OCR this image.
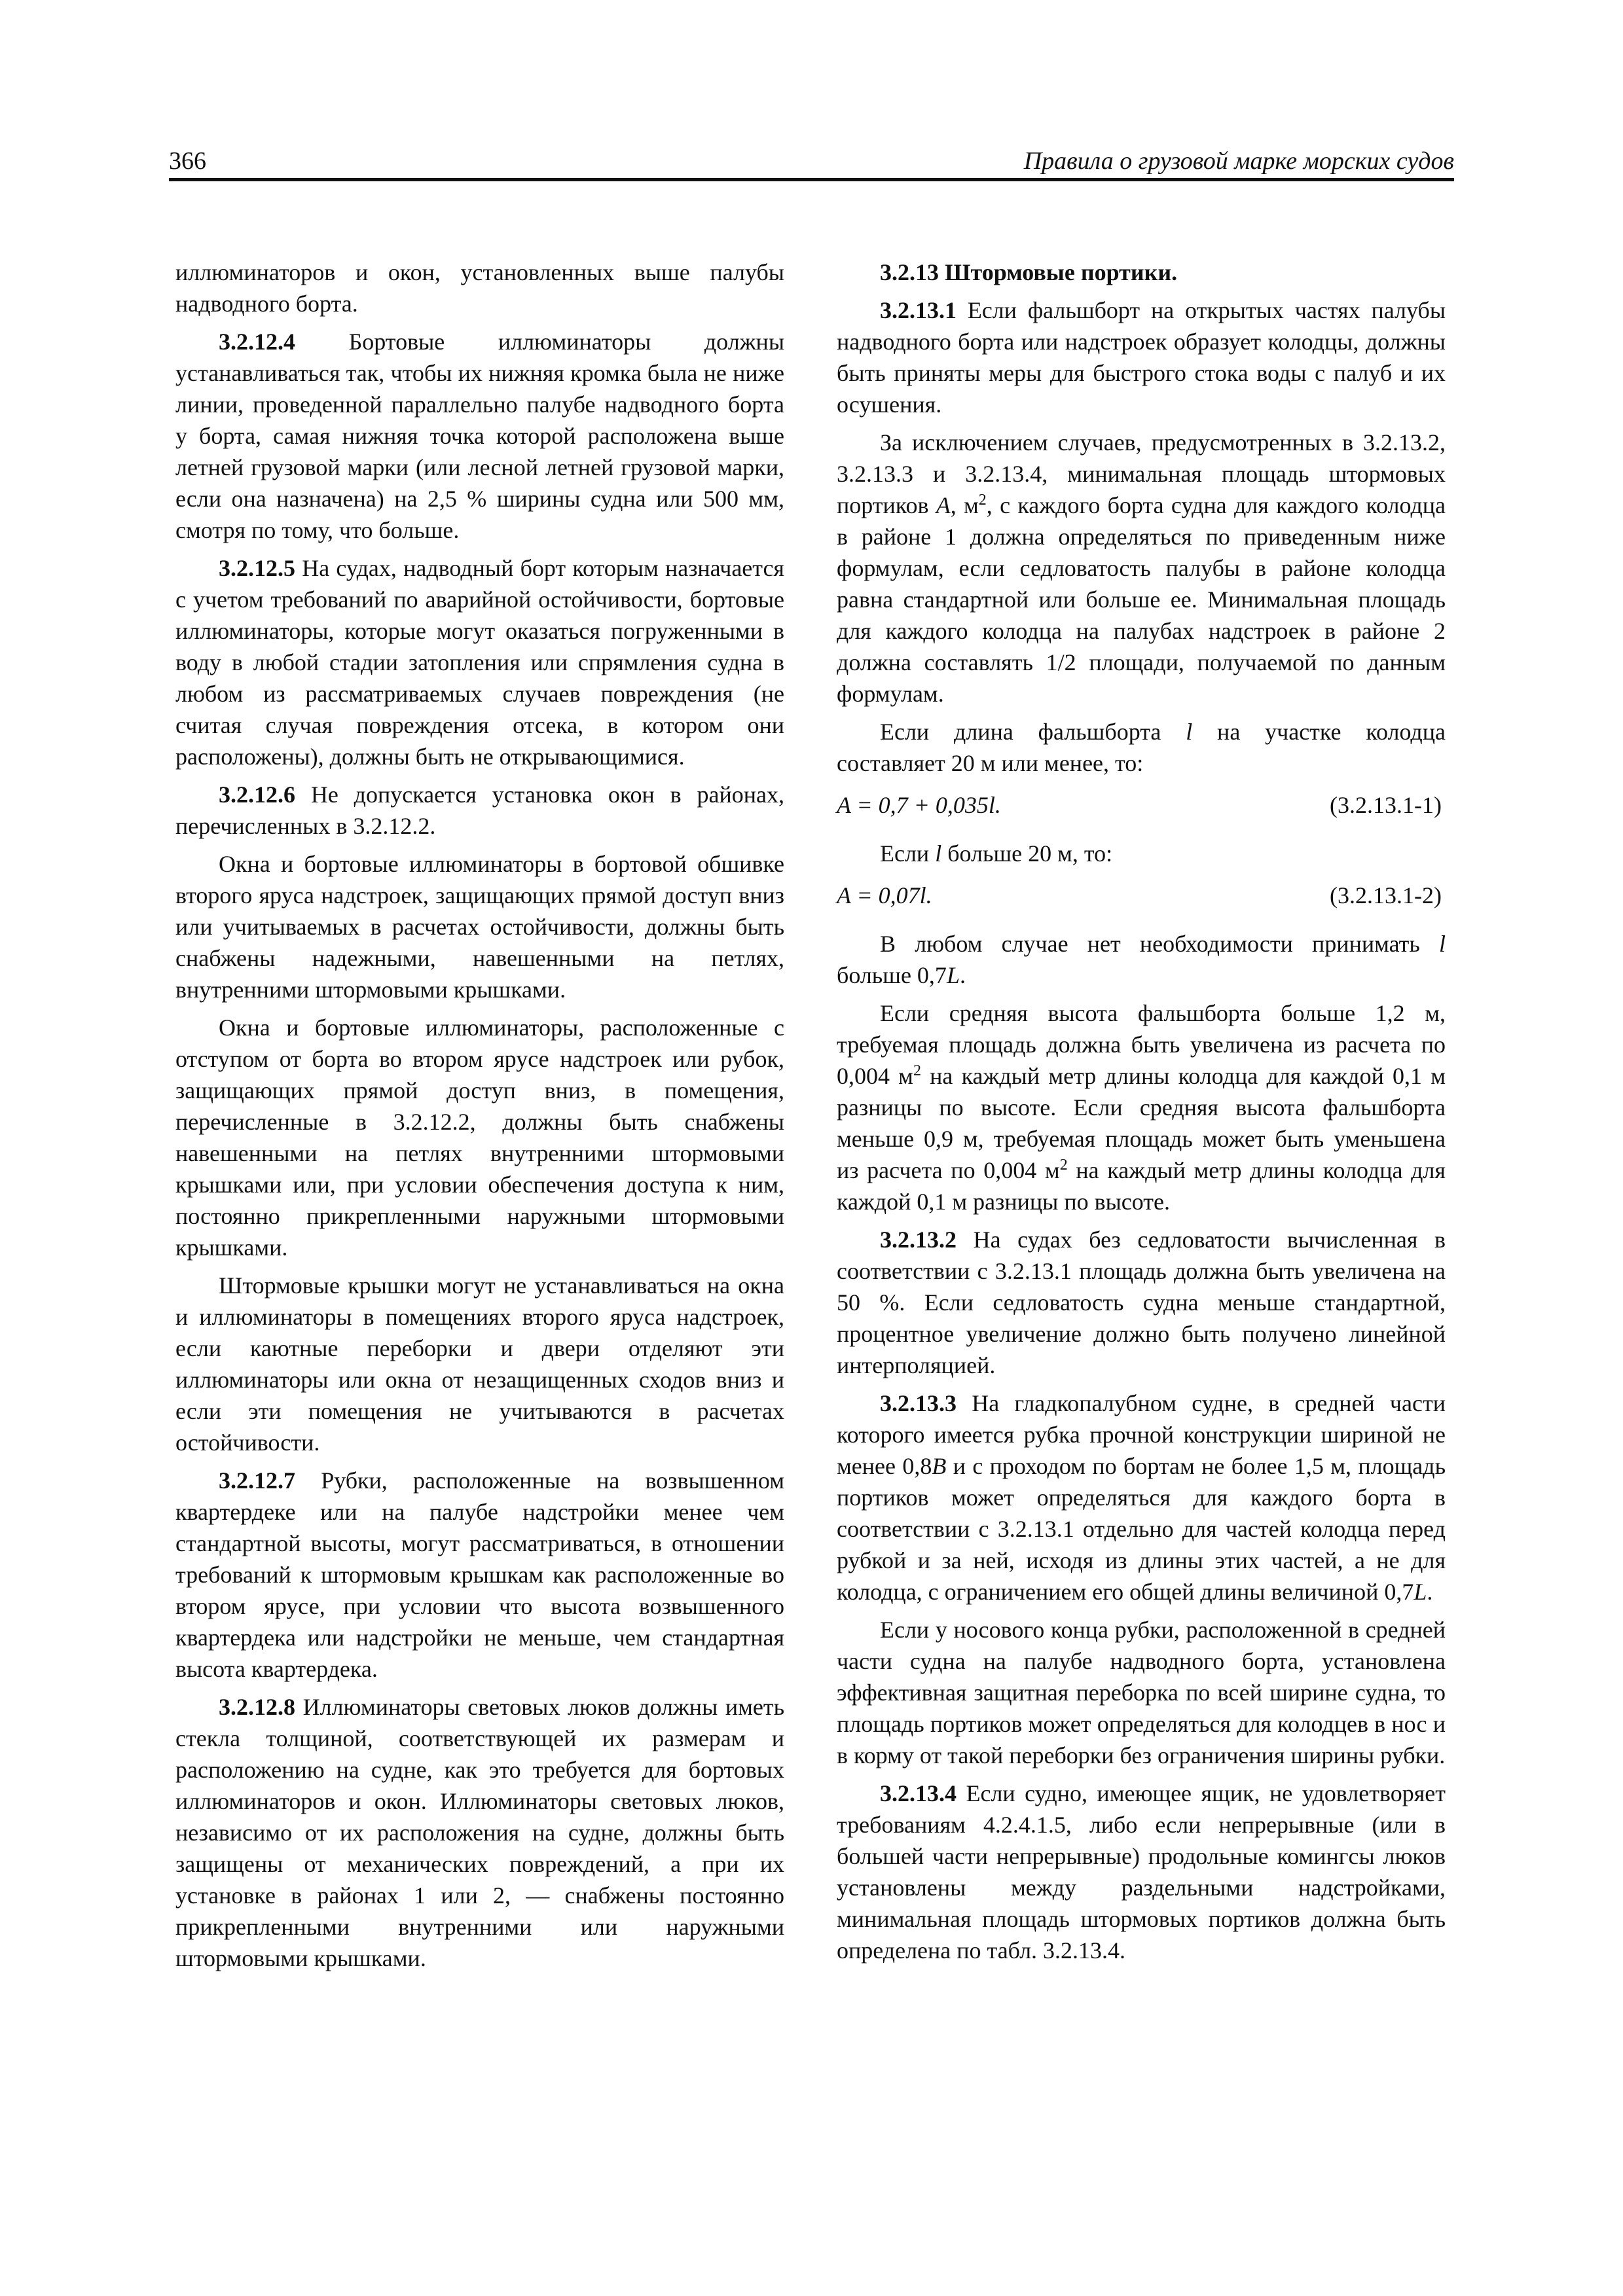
366	Правила о грузовой марке морских судов

иллюминаторов и окон, установленных выше палубы надводного борта.

3.2.12.4 Бортовые иллюминаторы должны устанавливаться так, чтобы их нижняя кромка была не ниже линии, проведенной параллельно палубе надводного борта у борта, самая нижняя точка которой расположена выше летней грузовой марки (или лесной летней грузовой марки, если она назначена) на 2,5 % ширины судна или 500 мм, смотря по тому, что больше.

3.2.12.5 На судах, надводный борт которым назначается с учетом требований по аварийной остойчивости, бортовые иллюминаторы, которые могут оказаться погруженными в воду в любой стадии затопления или спрямления судна в любом из рассматриваемых случаев повреждения (не считая случая повреждения отсека, в котором они расположены), должны быть не открывающимися.

3.2.12.6 Не допускается установка окон в районах, перечисленных в 3.2.12.2.

Окна и бортовые иллюминаторы в бортовой обшивке второго яруса надстроек, защищающих прямой доступ вниз или учитываемых в расчетах остойчивости, должны быть снабжены надежными, навешенными на петлях, внутренними штормовыми крышками.

Окна и бортовые иллюминаторы, расположенные с отступом от борта во втором ярусе надстроек или рубок, защищающих прямой доступ вниз, в помещения, перечисленные в 3.2.12.2, должны быть снабжены навешенными на петлях внутренними штормовыми крышками или, при условии обеспечения доступа к ним, постоянно прикрепленными наружными штормовыми крышками.

Штормовые крышки могут не устанавливаться на окна и иллюминаторы в помещениях второго яруса надстроек, если каютные переборки и двери отделяют эти иллюминаторы или окна от незащищенных сходов вниз и если эти помещения не учитываются в расчетах остойчивости.

3.2.12.7 Рубки, расположенные на возвышенном квартердеке или на палубе надстройки менее чем стандартной высоты, могут рассматриваться, в отношении требований к штормовым крышкам как расположенные во втором ярусе, при условии что высота возвышенного квартердека или надстройки не меньше, чем стандартная высота квартердека.

3.2.12.8 Иллюминаторы световых люков должны иметь стекла толщиной, соответствующей их размерам и расположению на судне, как это требуется для бортовых иллюминаторов и окон. Иллюминаторы световых люков, независимо от их расположения на судне, должны быть защищены от механических повреждений, а при их установке в районах 1 или 2, — снабжены постоянно прикрепленными внутренними или наружными штормовыми крышками.

3.2.13 Штормовые портики.

3.2.13.1 Если фальшборт на открытых частях палубы надводного борта или надстроек образует колодцы, должны быть приняты меры для быстрого стока воды с палуб и их осушения.

За исключением случаев, предусмотренных в 3.2.13.2, 3.2.13.3 и 3.2.13.4, минимальная площадь штормовых портиков A, $м^2$, с каждого борта судна для каждого колодца в районе 1 должна определяться по приведенным ниже формулам, если седловатость палубы в районе колодца равна стандартной или больше ее. Минимальная площадь для каждого колодца на палубах надстроек в районе 2 должна составлять 1/2 площади, получаемой по данным формулам.

Если длина фальшборта l на участке колодца составляет 20 м или менее, то:

A = 0,7 + 0,035l.	(3.2.13.1-1)

Если l больше 20 м, то:

A = 0,07l.	(3.2.13.1-2)

В любом случае нет необходимости принимать l больше 0,7L.

Если средняя высота фальшборта больше 1,2 м, требуемая площадь должна быть увеличена из расчета по 0,004 $м^2$ на каждый метр длины колодца для каждой 0,1 м разницы по высоте. Если средняя высота фальшборта меньше 0,9 м, требуемая площадь может быть уменьшена из расчета по 0,004 $м^2$ на каждый метр длины колодца для каждой 0,1 м разницы по высоте.

3.2.13.2 На судах без седловатости вычисленная в соответствии с 3.2.13.1 площадь должна быть увеличена на 50 %. Если седловатость судна меньше стандартной, процентное увеличение должно быть получено линейной интерполяцией.

3.2.13.3 На гладкопалубном судне, в средней части которого имеется рубка прочной конструкции шириной не менее 0,8B и с проходом по бортам не более 1,5 м, площадь портиков может определяться для каждого борта в соответствии с 3.2.13.1 отдельно для частей колодца перед рубкой и за ней, исходя из длины этих частей, а не для колодца, с ограничением его общей длины величиной 0,7L.

Если у носового конца рубки, расположенной в средней части судна на палубе надводного борта, установлена эффективная защитная переборка по всей ширине судна, то площадь портиков может определяться для колодцев в нос и в корму от такой переборки без ограничения ширины рубки.

3.2.13.4 Если судно, имеющее ящик, не удовлетворяет требованиям 4.2.4.1.5, либо если непрерывные (или в большей части непрерывные) продольные комингсы люков установлены между раздельными надстройками, минимальная площадь штормовых портиков должна быть определена по табл. 3.2.13.4.
